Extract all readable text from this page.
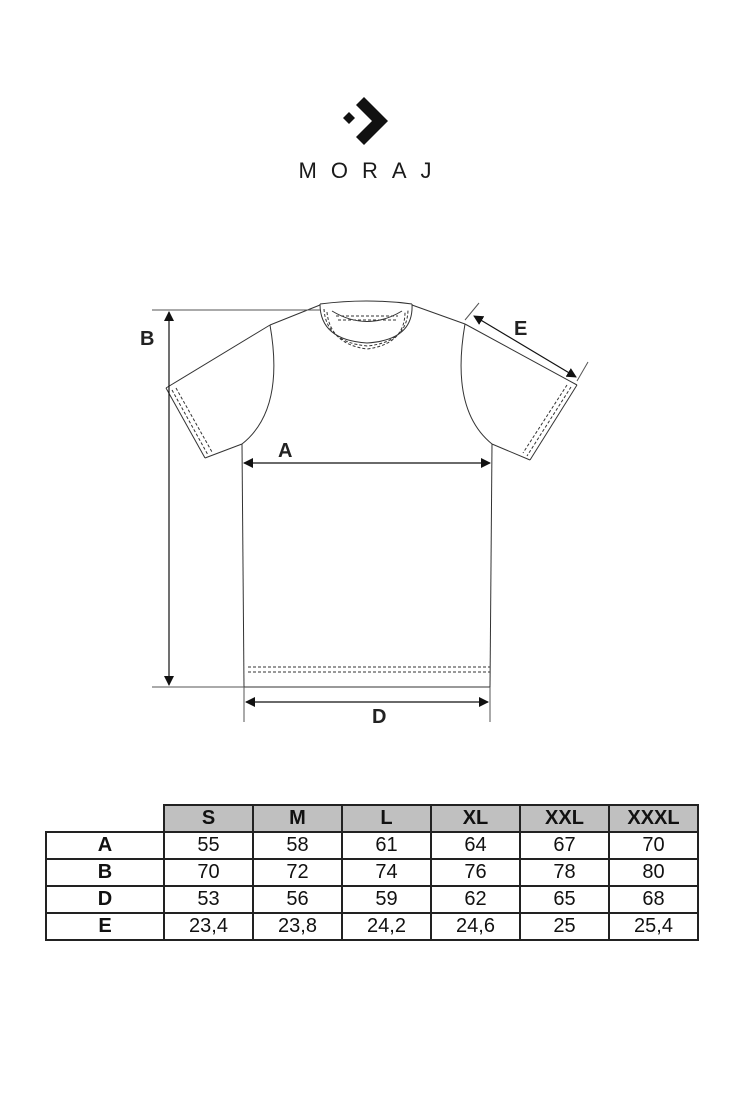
MORAJ
B
A
D
E
	S	M	L	XL	XXL	XXXL
A	55	58	61	64	67	70
B	70	72	74	76	78	80
D	53	56	59	62	65	68
E	23,4	23,8	24,2	24,6	25	25,4
